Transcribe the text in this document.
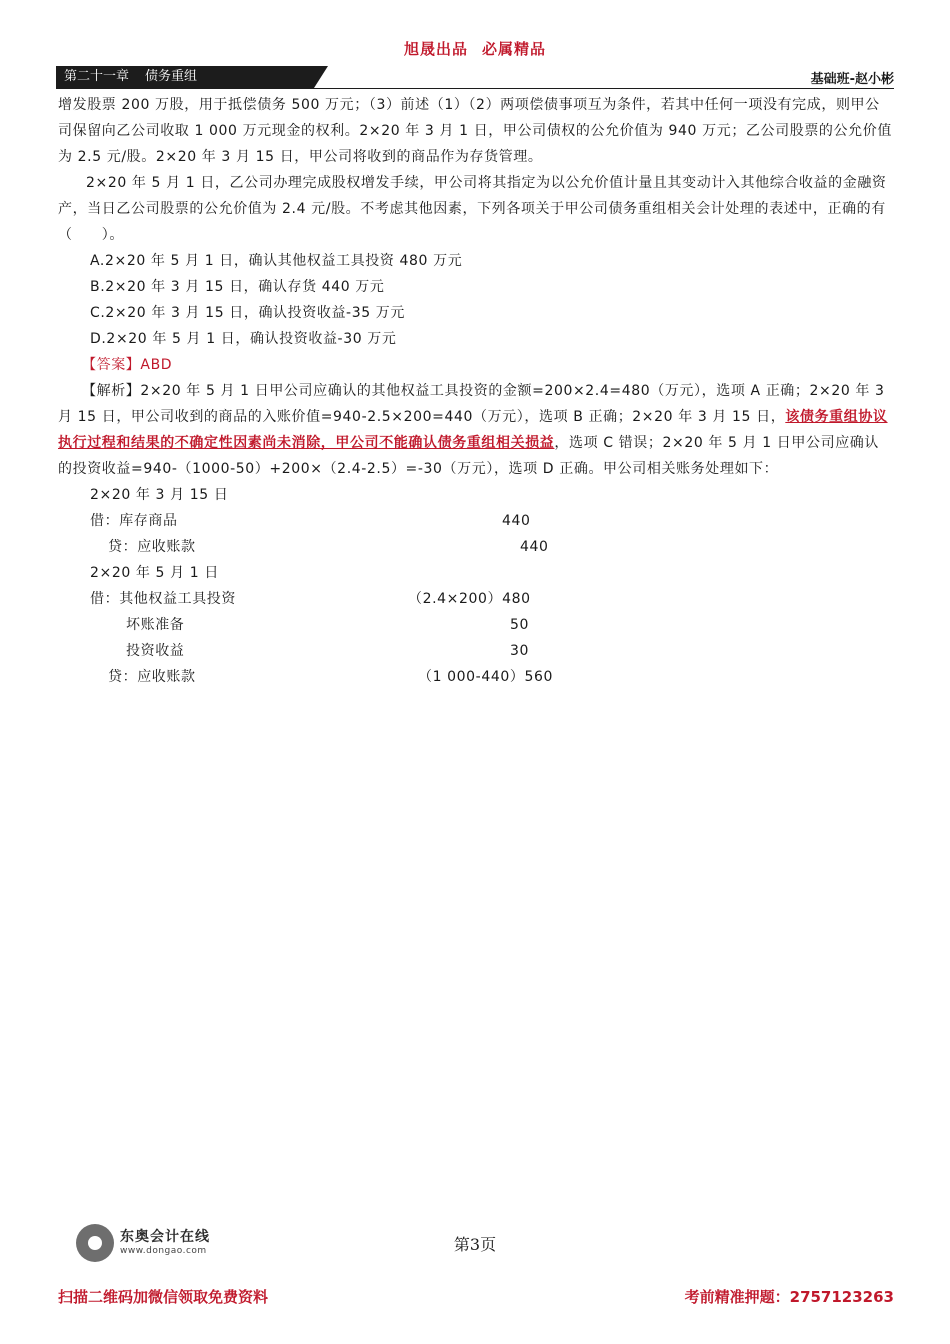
旭晟出品 必属精品
第二十一章 债务重组	基础班-赵小彬

增发股票 200 万股，用于抵偿债务 500 万元；（3）前述（1）（2）两项偿债事项互为条件，若其中任何一项没有完成，则甲公司保留向乙公司收取 1 000 万元现金的权利。2×20 年 3 月 1 日，甲公司债权的公允价值为 940 万元；乙公司股票的公允价值为 2.5 元/股。2×20 年 3 月 15 日，甲公司将收到的商品作为存货管理。

2×20 年 5 月 1 日，乙公司办理完成股权增发手续，甲公司将其指定为以公允价值计量且其变动计入其他综合收益的金融资产，当日乙公司股票的公允价值为 2.4 元/股。不考虑其他因素，下列各项关于甲公司债务重组相关会计处理的表述中，正确的有（　　）。

A.2×20 年 5 月 1 日，确认其他权益工具投资 480 万元

B.2×20 年 3 月 15 日，确认存货 440 万元

C.2×20 年 3 月 15 日，确认投资收益-35 万元

D.2×20 年 5 月 1 日，确认投资收益-30 万元

【答案】ABD

【解析】2×20 年 5 月 1 日甲公司应确认的其他权益工具投资的金额=200×2.4=480（万元），选项 A 正确；2×20 年 3 月 15 日，甲公司收到的商品的入账价值=940-2.5×200=440（万元），选项 B 正确；2×20 年 3 月 15 日，该债务重组协议执行过程和结果的不确定性因素尚未消除，甲公司不能确认债务重组相关损益，选项 C 错误；2×20 年 5 月 1 日甲公司应确认的投资收益=940-（1000-50）+200×（2.4-2.5）=-30（万元），选项 D 正确。甲公司相关账务处理如下：

2×20 年 3 月 15 日
借：库存商品	440
贷：应收账款	440
2×20 年 5 月 1 日
借：其他权益工具投资	（2.4×200）480
坏账准备	50
投资收益	30
贷：应收账款	（1 000-440）560
东奥会计在线
www.dongao.com	第3页
扫描二维码加微信领取免费资料	考前精准押题：2757123263
